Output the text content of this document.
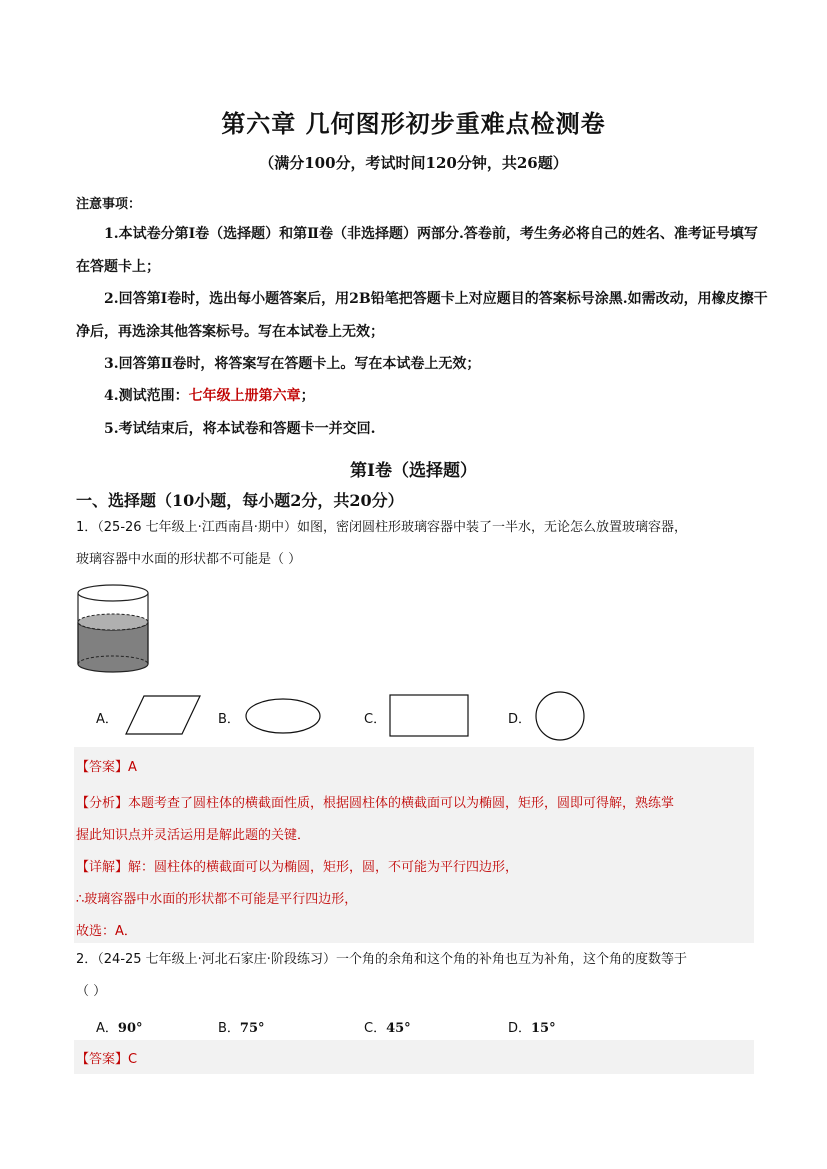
第六章 几何图形初步重难点检测卷
（满分100分，考试时间120分钟，共26题）
注意事项：
1.本试卷分第Ⅰ卷（选择题）和第Ⅱ卷（非选择题）两部分.答卷前，考生务必将自己的姓名、准考证号填写
在答题卡上；
2.回答第Ⅰ卷时，选出每小题答案后，用2B铅笔把答题卡上对应题目的答案标号涂黑.如需改动，用橡皮擦干
净后，再选涂其他答案标号。写在本试卷上无效；
3.回答第Ⅱ卷时，将答案写在答题卡上。写在本试卷上无效；
4.测试范围：七年级上册第六章；
5.考试结束后，将本试卷和答题卡一并交回.
第I卷（选择题）
一、选择题（10小题，每小题2分，共20分）
1．（25-26 七年级上·江西南昌·期中）如图，密闭圆柱形玻璃容器中装了一半水，无论怎么放置玻璃容器，
玻璃容器中水面的形状都不可能是（ ）
A．	B．	C．	D．
【答案】A
【分析】本题考查了圆柱体的横截面性质，根据圆柱体的横截面可以为椭圆，矩形，圆即可得解，熟练掌
握此知识点并灵活运用是解此题的关键．
【详解】解：圆柱体的横截面可以为椭圆，矩形，圆，不可能为平行四边形，
∴玻璃容器中水面的形状都不可能是平行四边形，
故选：A．
2．（24-25 七年级上·河北石家庄·阶段练习）一个角的余角和这个角的补角也互为补角，这个角的度数等于
（ ）
A．90°	B．75°	C．45°	D．15°
【答案】C
